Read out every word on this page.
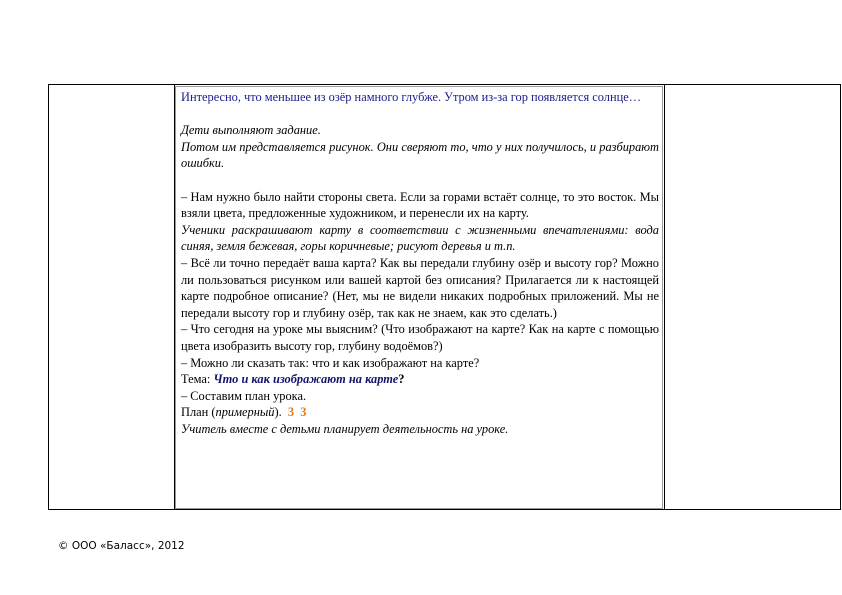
Интересно, что меньшее из озёр намного глубже. Утром из-за гор появляется солнце…

Дети выполняют задание.

Потом им представляется рисунок. Они сверяют то, что у них получилось, и разбирают ошибки.

– Нам нужно было найти стороны света. Если за горами встаёт солнце, то это восток. Мы взяли цвета, предложенные художником, и перенесли их на карту.

Ученики раскрашивают карту в соответствии с жизненными впечатлениями: вода синяя, земля бежевая, горы коричневые; рисуют деревья и т.п.

– Всё ли точно передаёт ваша карта? Как вы передали глубину озёр и высоту гор? Можно ли пользоваться рисунком или вашей картой без описания? Прилагается ли к настоящей карте подробное описание? (Нет, мы не видели никаких подробных приложений. Мы не передали высоту гор и глубину озёр, так как не знаем, как это сделать.)

– Что сегодня на уроке мы выясним? (Что изображают на карте? Как на карте с помощью цвета изобразить высоту гор, глубину водоёмов?)

– Можно ли сказать так: что и как изображают на карте?

Тема: Что и как изображают на карте?

– Составим план урока.

План (примерный). 3 3

Учитель вместе с детьми планирует деятельность на уроке.

© ООО «Баласс», 2012
